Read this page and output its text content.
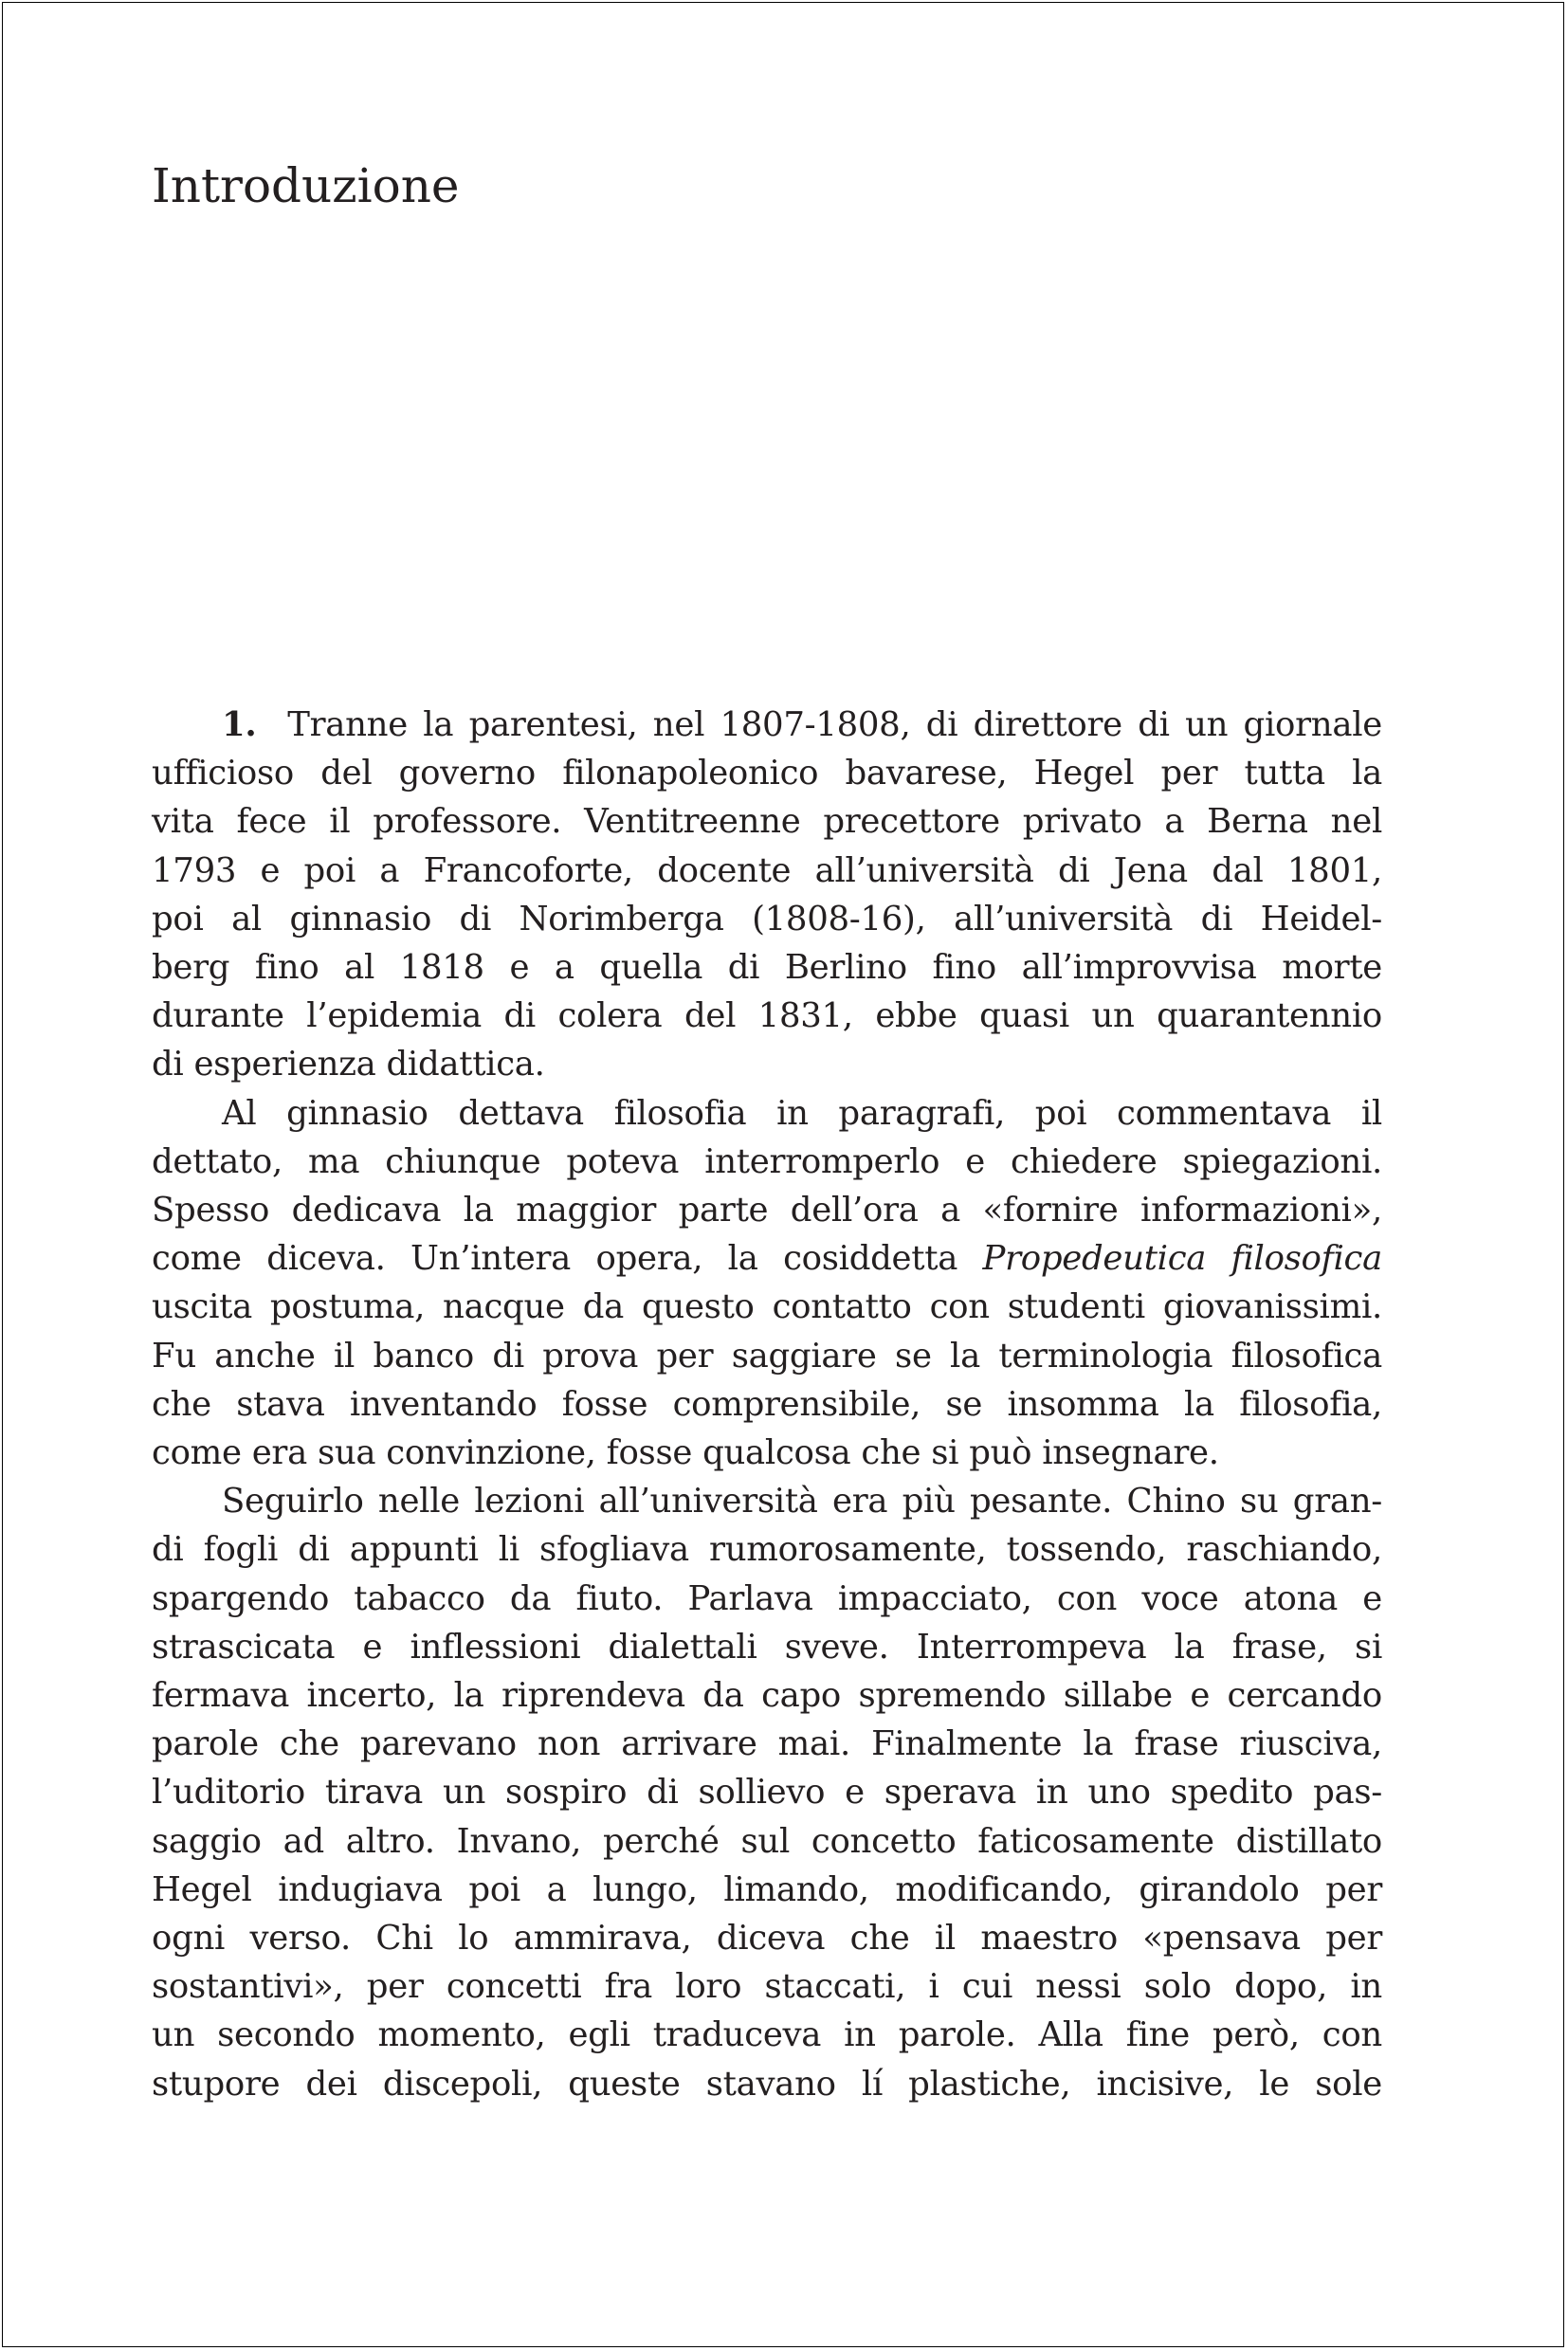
Introduzione
1. Tranne la parentesi, nel 1807-1808, di direttore di un giornale
ufficioso del governo filonapoleonico bavarese, Hegel per tutta la
vita fece il professore. Ventitreenne precettore privato a Berna nel
1793 e poi a Francoforte, docente all’università di Jena dal 1801,
poi al ginnasio di Norimberga (1808-16), all’università di Heidel-
berg fino al 1818 e a quella di Berlino fino all’improvvisa morte
durante l’epidemia di colera del 1831, ebbe quasi un quarantennio
di esperienza didattica.
Al ginnasio dettava filosofia in paragrafi, poi commentava il
dettato, ma chiunque poteva interromperlo e chiedere spiegazioni.
Spesso dedicava la maggior parte dell’ora a «fornire informazioni»,
come diceva. Un’intera opera, la cosiddetta Propedeutica filosofica
uscita postuma, nacque da questo contatto con studenti giovanissimi.
Fu anche il banco di prova per saggiare se la terminologia filosofica
che stava inventando fosse comprensibile, se insomma la filosofia,
come era sua convinzione, fosse qualcosa che si può insegnare.
Seguirlo nelle lezioni all’università era più pesante. Chino su gran-
di fogli di appunti li sfogliava rumorosamente, tossendo, raschiando,
spargendo tabacco da fiuto. Parlava impacciato, con voce atona e
strascicata e inflessioni dialettali sveve. Interrompeva la frase, si
fermava incerto, la riprendeva da capo spremendo sillabe e cercando
parole che parevano non arrivare mai. Finalmente la frase riusciva,
l’uditorio tirava un sospiro di sollievo e sperava in uno spedito pas-
saggio ad altro. Invano, perché sul concetto faticosamente distillato
Hegel indugiava poi a lungo, limando, modificando, girandolo per
ogni verso. Chi lo ammirava, diceva che il maestro «pensava per
sostantivi», per concetti fra loro staccati, i cui nessi solo dopo, in
un secondo momento, egli traduceva in parole. Alla fine però, con
stupore dei discepoli, queste stavano lí plastiche, incisive, le sole
